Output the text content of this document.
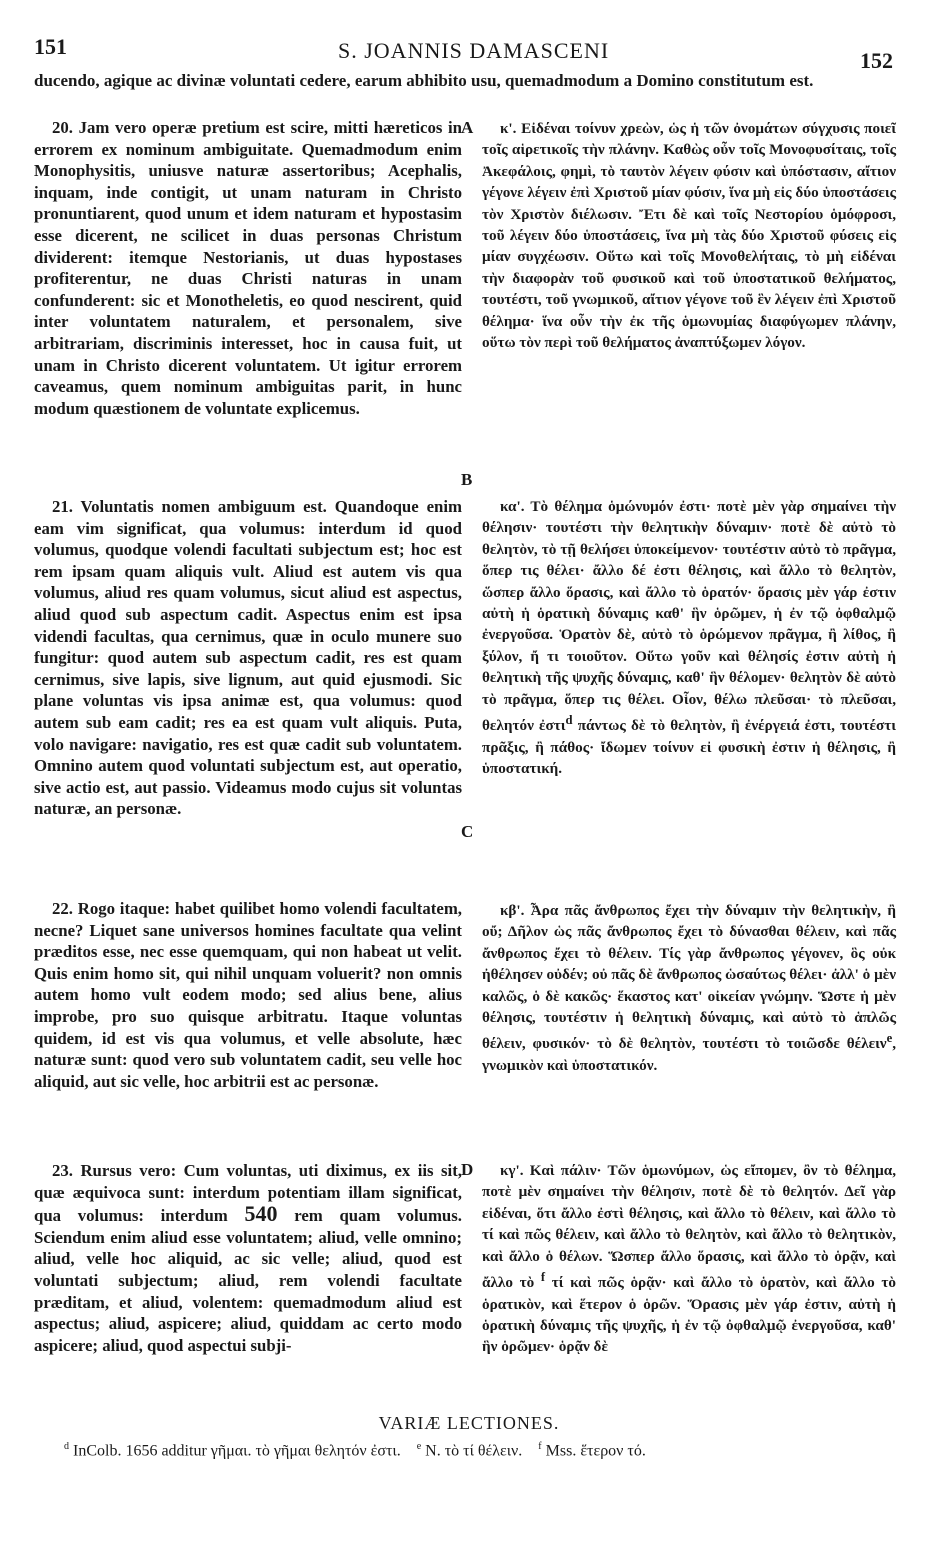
151	S. JOANNIS DAMASCENI	152
ducendo, agique ac divinæ voluntati cedere, earum abhibito usu, quemadmodum a Domino constitutum est.

20. Jam vero operæ pretium est scire, mitti hæreticos in errorem ex nominum ambiguitate. Quemadmodum enim Monophysitis, uniusve naturæ assertoribus; Acephalis, inquam, inde contigit, ut unam naturam in Christo pronuntiarent, quod unum et idem naturam et hypostasim esse dicerent, ne scilicet in duas personas Christum dividerent: itemque Nestorianis, ut duas hypostases profiterentur, ne duas Christi naturas in unam confunderent: sic et Monotheletis, eo quod nescirent, quid inter voluntatem naturalem, et personalem, sive arbitrariam, discriminis interesset, hoc in causa fuit, ut unam in Christo dicerent voluntatem. Ut igitur errorem caveamus, quem nominum ambiguitas parit, in hunc modum quæstionem de voluntate explicemus.

21. Voluntatis nomen ambiguum est. Quandoque enim eam vim significat, qua volumus: interdum id quod volumus, quodque volendi facultati subjectum est; hoc est rem ipsam quam aliquis vult. Aliud est autem vis qua volumus, aliud res quam volumus, sicut aliud est aspectus, aliud quod sub aspectum cadit. Aspectus enim est ipsa videndi facultas, qua cernimus, quæ in oculo munere suo fungitur: quod autem sub aspectum cadit, res est quam cernimus, sive lapis, sive lignum, aut quid ejusmodi. Sic plane voluntas vis ipsa animæ est, qua volumus: quod autem sub eam cadit; res ea est quam vult aliquis. Puta, volo navigare: navigatio, res est quæ cadit sub voluntatem. Omnino autem quod voluntati subjectum est, aut operatio, sive actio est, aut passio. Videamus modo cujus sit voluntas naturæ, an personæ.

22. Rogo itaque: habet quilibet homo volendi facultatem, necne? Liquet sane universos homines facultate qua velint præditos esse, nec esse quemquam, qui non habeat ut velit. Quis enim homo sit, qui nihil unquam voluerit? non omnis autem homo vult eodem modo; sed alius bene, alius improbe, pro suo quisque arbitratu. Itaque voluntas quidem, id est vis qua volumus, et velle absolute, hæc naturæ sunt: quod vero sub voluntatem cadit, seu velle hoc aliquid, aut sic velle, hoc arbitrii est ac personæ.

23. Rursus vero: Cum voluntas, uti diximus, ex iis sit, quæ æquivoca sunt: interdum potentiam illam significat, qua volumus: interdum 540 rem quam volumus. Sciendum enim aliud esse voluntatem; aliud, velle omnino; aliud, velle hoc aliquid, ac sic velle; aliud, quod est voluntati subjectum; aliud, rem volendi facultate præditam, et aliud, volentem: quemadmodum aliud est aspectus; aliud, aspicere; aliud, quiddam ac certo modo aspicere; aliud, quod aspectui subji-

A
B
C
D

κ'. Εἰδέναι τοίνυν χρεὼν, ὡς ἡ τῶν ὀνομάτων σύγχυσις ποιεῖ τοῖς αἱρετικοῖς τὴν πλάνην. Καθὼς οὖν τοῖς Μονοφυσίταις, τοῖς Ἀκεφάλοις, φημὶ, τὸ ταυτὸν λέγειν φύσιν καὶ ὑπόστασιν, αἴτιον γέγονε λέγειν ἐπὶ Χριστοῦ μίαν φύσιν, ἵνα μὴ εἰς δύο ὑποστάσεις τὸν Χριστὸν διέλωσιν. Ἔτι δὲ καὶ τοῖς Νεστορίου ὁμόφροσι, τοῦ λέγειν δύο ὑποστάσεις, ἵνα μὴ τὰς δύο Χριστοῦ φύσεις εἰς μίαν συγχέωσιν. Οὕτω καὶ τοῖς Μονοθελήταις, τὸ μὴ εἰδέναι τὴν διαφορὰν τοῦ φυσικοῦ καὶ τοῦ ὑποστατικοῦ θελήματος, τουτέστι, τοῦ γνωμικοῦ, αἴτιον γέγονε τοῦ ἓν λέγειν ἐπὶ Χριστοῦ θέλημα· ἵνα οὖν τὴν ἐκ τῆς ὁμωνυμίας διαφύγωμεν πλάνην, οὕτω τὸν περὶ τοῦ θελήματος ἀναπτύξωμεν λόγον.

κα'. Τὸ θέλημα ὁμώνυμόν ἐστι· ποτὲ μὲν γὰρ σημαίνει τὴν θέλησιν· τουτέστι τὴν θελητικὴν δύναμιν· ποτὲ δὲ αὐτὸ τὸ θελητὸν, τὸ τῇ θελήσει ὑποκείμενον· τουτέστιν αὐτὸ τὸ πρᾶγμα, ὅπερ τις θέλει· ἄλλο δέ ἐστι θέλησις, καὶ ἄλλο τὸ θελητὸν, ὥσπερ ἄλλο ὅρασις, καὶ ἄλλο τὸ ὁρατόν· ὅρασις μὲν γάρ ἐστιν αὐτὴ ἡ ὁρατικὴ δύναμις καθ' ἣν ὁρῶμεν, ἡ ἐν τῷ ὀφθαλμῷ ἐνεργοῦσα. Ὁρατὸν δὲ, αὐτὸ τὸ ὁρώμενον πρᾶγμα, ἢ λίθος, ἢ ξύλον, ἤ τι τοιοῦτον. Οὕτω γοῦν καὶ θέλησίς ἐστιν αὐτὴ ἡ θελητικὴ τῆς ψυχῆς δύναμις, καθ' ἣν θέλομεν· θελητὸν δὲ αὐτὸ τὸ πρᾶγμα, ὅπερ τις θέλει. Οἷον, θέλω πλεῦσαι· τὸ πλεῦσαι, θελητόν ἐστι$^d$ πάντως δὲ τὸ θελητὸν, ἢ ἐνέργειά ἐστι, τουτέστι πρᾶξις, ἢ πάθος· ἴδωμεν τοίνυν εἰ φυσικὴ ἐστιν ἡ θέλησις, ἢ ὑποστατική.

κβ'. Ἆρα πᾶς ἄνθρωπος ἔχει τὴν δύναμιν τὴν θελητικὴν, ἢ οὔ; Δῆλον ὡς πᾶς ἄνθρωπος ἔχει τὸ δύνασθαι θέλειν, καὶ πᾶς ἄνθρωπος ἔχει τὸ θέλειν. Τίς γὰρ ἄνθρωπος γέγονεν, ὃς οὐκ ἠθέλησεν οὐδέν; οὐ πᾶς δὲ ἄνθρωπος ὡσαύτως θέλει· ἀλλ' ὁ μὲν καλῶς, ὁ δὲ κακῶς· ἕκαστος κατ' οἰκείαν γνώμην. Ὥστε ἡ μὲν θέλησις, τουτέστιν ἡ θελητικὴ δύναμις, καὶ αὐτὸ τὸ ἁπλῶς θέλειν, φυσικόν· τὸ δὲ θελητὸν, τουτέστι τὸ τοιῶσδε θέλειν$^e$, γνωμικὸν καὶ ὑποστατικόν.

κγ'. Καὶ πάλιν· Τῶν ὁμωνύμων, ὡς εἴπομεν, ὂν τὸ θέλημα, ποτὲ μὲν σημαίνει τὴν θέλησιν, ποτὲ δὲ τὸ θελητόν. Δεῖ γὰρ εἰδέναι, ὅτι ἄλλο ἐστὶ θέλησις, καὶ ἄλλο τὸ θέλειν, καὶ ἄλλο τὸ τί καὶ πῶς θέλειν, καὶ ἄλλο τὸ θελητὸν, καὶ ἄλλο τὸ θελητικὸν, καὶ ἄλλο ὁ θέλων. Ὥσπερ ἄλλο ὅρασις, καὶ ἄλλο τὸ ὁρᾷν, καὶ ἄλλο τὸ $^f$ τί καὶ πῶς ὁρᾷν· καὶ ἄλλο τὸ ὁρατὸν, καὶ ἄλλο τὸ ὁρατικὸν, καὶ ἕτερον ὁ ὁρῶν. Ὅρασις μὲν γάρ ἐστιν, αὐτὴ ἡ ὁρατικὴ δύναμις τῆς ψυχῆς, ἡ ἐν τῷ ὀφθαλμῷ ἐνεργοῦσα, καθ' ἣν ὁρῶμεν· ὁρᾷν δὲ

VARIÆ LECTIONES.
$^d$ InColb. 1656 additur γῆμαι. τὸ γῆμαι θελητόν ἐστι. $^e$ N. τὸ τί θέλειν. $^f$ Mss. ἕτερον τό.
